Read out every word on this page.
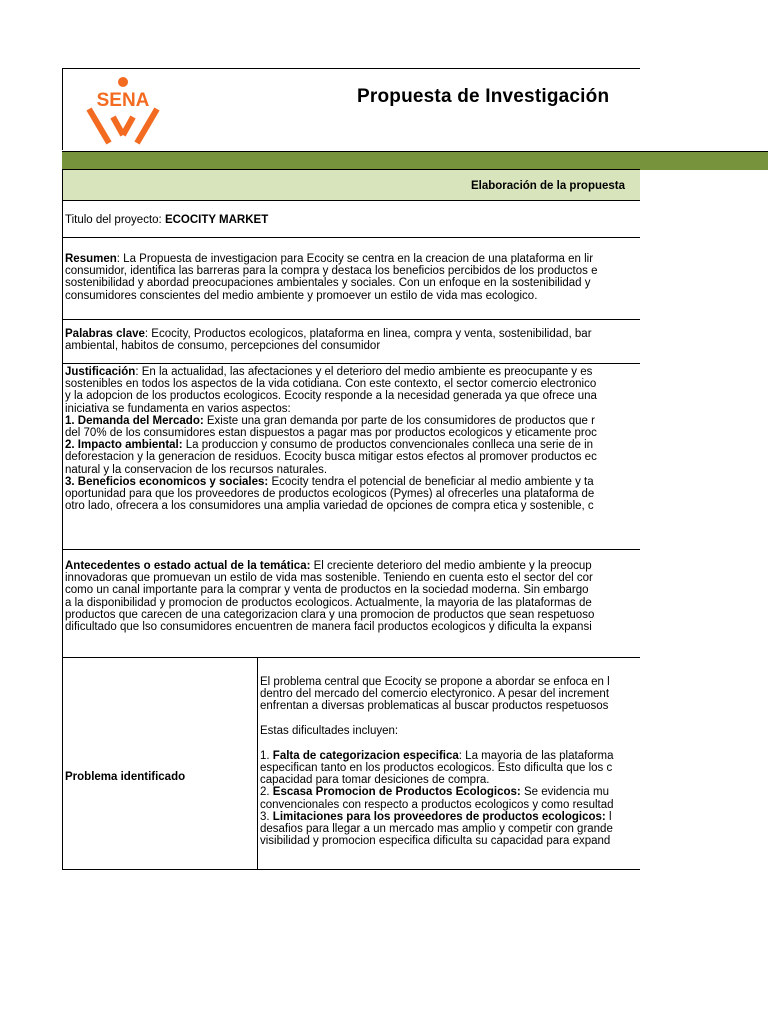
SENA	Propuesta de Investigación
Elaboración de la propuesta

Titulo del proyecto: ECOCITY MARKET

Resumen: La Propuesta de investigacion para Ecocity se centra en la creacion de una plataforma en lir

consumidor, identifica las barreras para la compra y destaca los beneficios percibidos de los productos e

sostenibilidad y abordad preocupaciones ambientales y sociales. Con un enfoque en la sostenibilidad y

consumidores conscientes del medio ambiente y promoever un estilo de vida mas ecologico.

Palabras clave: Ecocity, Productos ecologicos, plataforma en linea, compra y venta, sostenibilidad, bar

ambiental, habitos de consumo, percepciones del consumidor

Justificación: En la actualidad, las afectaciones y el deterioro del medio ambiente es preocupante y es

sostenibles en todos los aspectos de la vida cotidiana. Con este contexto, el sector comercio electronico

y la adopcion de los productos ecologicos. Ecocity responde a la necesidad generada ya que ofrece una

iniciativa se fundamenta en varios aspectos:

1. Demanda del Mercado: Existe una gran demanda por parte de los consumidores de productos que r

del 70% de los consumidores estan dispuestos a pagar mas por productos ecologicos y eticamente proc

2. Impacto ambiental: La produccion y consumo de productos convencionales conlleca una serie de in

deforestacion y la generacion de residuos. Ecocity busca mitigar estos efectos al promover productos ec

natural y la conservacion de los recursos naturales.

3. Beneficios economicos y sociales: Ecocity tendra el potencial de beneficiar al medio ambiente y ta

oportunidad para que los proveedores de productos ecologicos (Pymes) al ofrecerles una plataforma de

otro lado, ofrecera a los consumidores una amplia variedad de opciones de compra etica y sostenible, c

Antecedentes o estado actual de la temática: El creciente deterioro del medio ambiente y la preocup

innovadoras que promuevan un estilo de vida mas sostenible. Teniendo en cuenta esto el sector del cor

como un canal importante para la comprar y venta de productos en la sociedad moderna. Sin embargo

a la disponibilidad y promocion de productos ecologicos. Actualmente, la mayoria de las plataformas de

productos que carecen de una categorizacion clara y una promocion de productos que sean respetuoso

dificultado que lso consumidores encuentren de manera facil productos ecologicos y dificulta la expansi

Problema identificado

El problema central que Ecocity se propone a abordar se enfoca en l

dentro del mercado del comercio electyronico. A pesar del increment

enfrentan a diversas problematicas al buscar productos respetuosos

Estas dificultades incluyen:

1. Falta de categorizacion especifica: La mayoria de las plataforma

especifican tanto en los productos ecologicos. Esto dificulta que los c

capacidad para tomar desiciones de compra.

2. Escasa Promocion de Productos Ecologicos: Se evidencia mu

convencionales con respecto a productos ecologicos y como resultad

3. Limitaciones para los proveedores de productos ecologicos: l

desafios para llegar a un mercado mas amplio y competir con grande

visibilidad y promocion especifica dificulta su capacidad para expand
